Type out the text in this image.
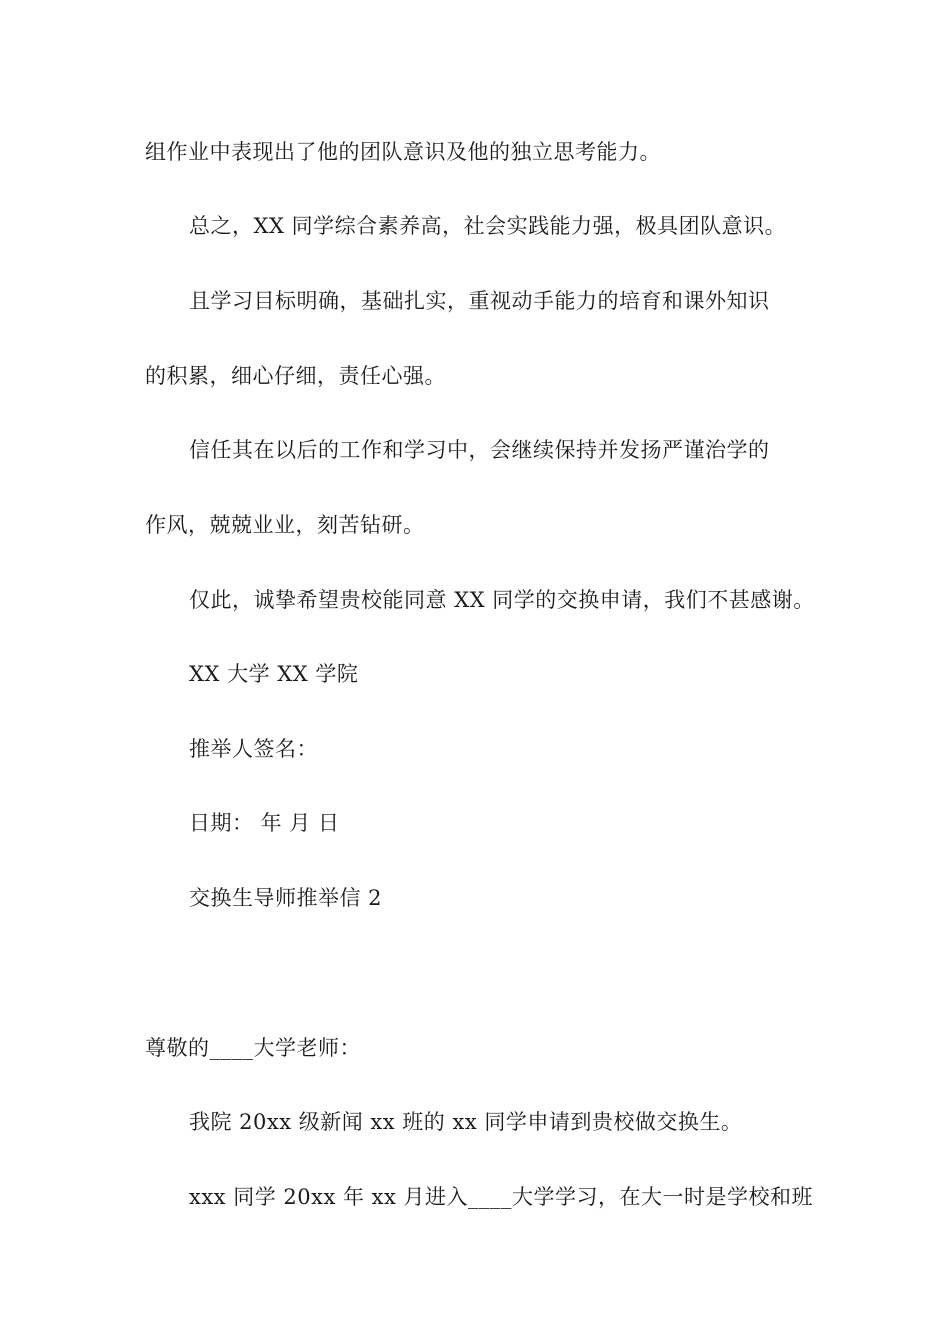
组作业中表现出了他的团队意识及他的独立思考能力。
总之，XX 同学综合素养高，社会实践能力强，极具团队意识。
且学习目标明确，基础扎实，重视动手能力的培育和课外知识
的积累，细心仔细，责任心强。
信任其在以后的工作和学习中，会继续保持并发扬严谨治学的
作风，兢兢业业，刻苦钻研。
仅此，诚挚希望贵校能同意 XX 同学的交换申请，我们不甚感谢。
XX 大学 XX 学院
推举人签名：
日期： 年 月 日
交换生导师推举信 2
尊敬的____大学老师：
我院 20xx 级新闻 xx 班的 xx 同学申请到贵校做交换生。
xxx 同学 20xx 年 xx 月进入____大学学习，在大一时是学校和班
